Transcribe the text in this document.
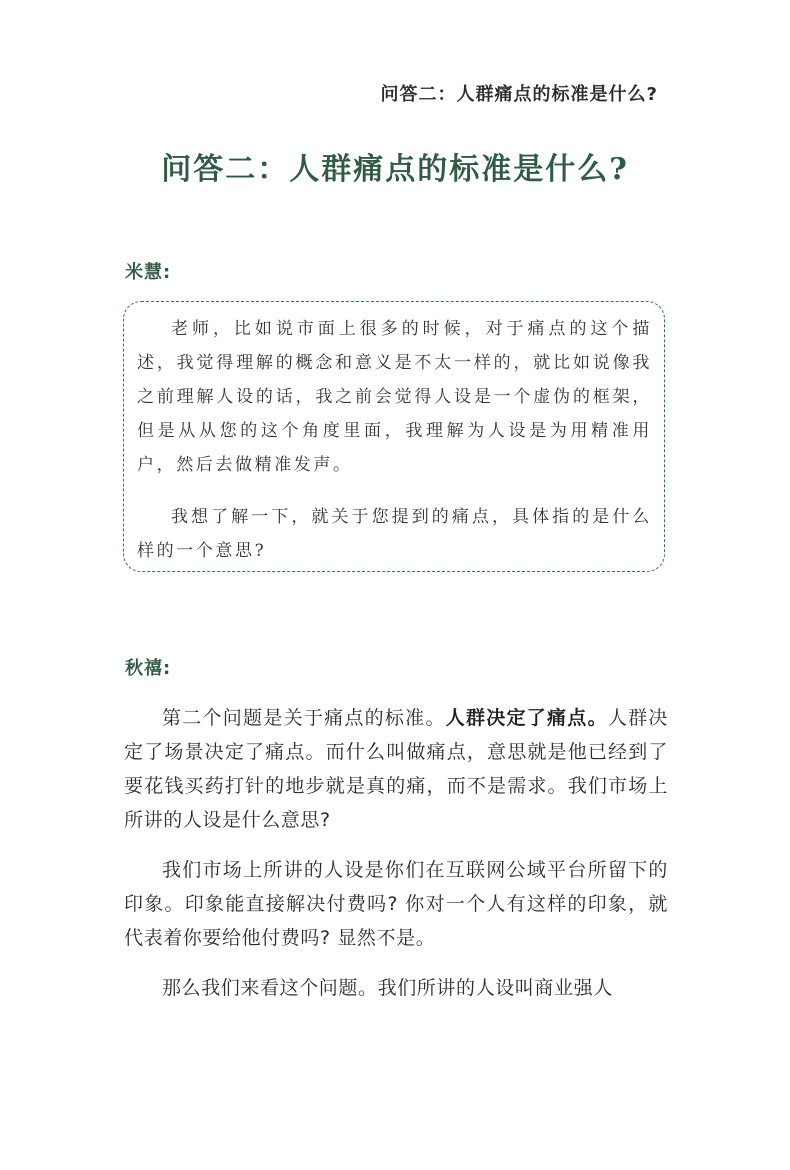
问答二：人群痛点的标准是什么?
问答二：人群痛点的标准是什么?
米慧:

老师，比如说市面上很多的时候，对于痛点的这个描述，我觉得理解的概念和意义是不太一样的，就比如说像我之前理解人设的话，我之前会觉得人设是一个虚伪的框架，但是从从您的这个角度里面，我理解为人设是为用精准用户，然后去做精准发声。

我想了解一下，就关于您提到的痛点，具体指的是什么样的一个意思?

秋禧:

第二个问题是关于痛点的标准。人群决定了痛点。人群决定了场景决定了痛点。而什么叫做痛点，意思就是他已经到了要花钱买药打针的地步就是真的痛，而不是需求。我们市场上所讲的人设是什么意思?

我们市场上所讲的人设是你们在互联网公域平台所留下的印象。印象能直接解决付费吗? 你对一个人有这样的印象，就代表着你要给他付费吗? 显然不是。

那么我们来看这个问题。我们所讲的人设叫商业强人
